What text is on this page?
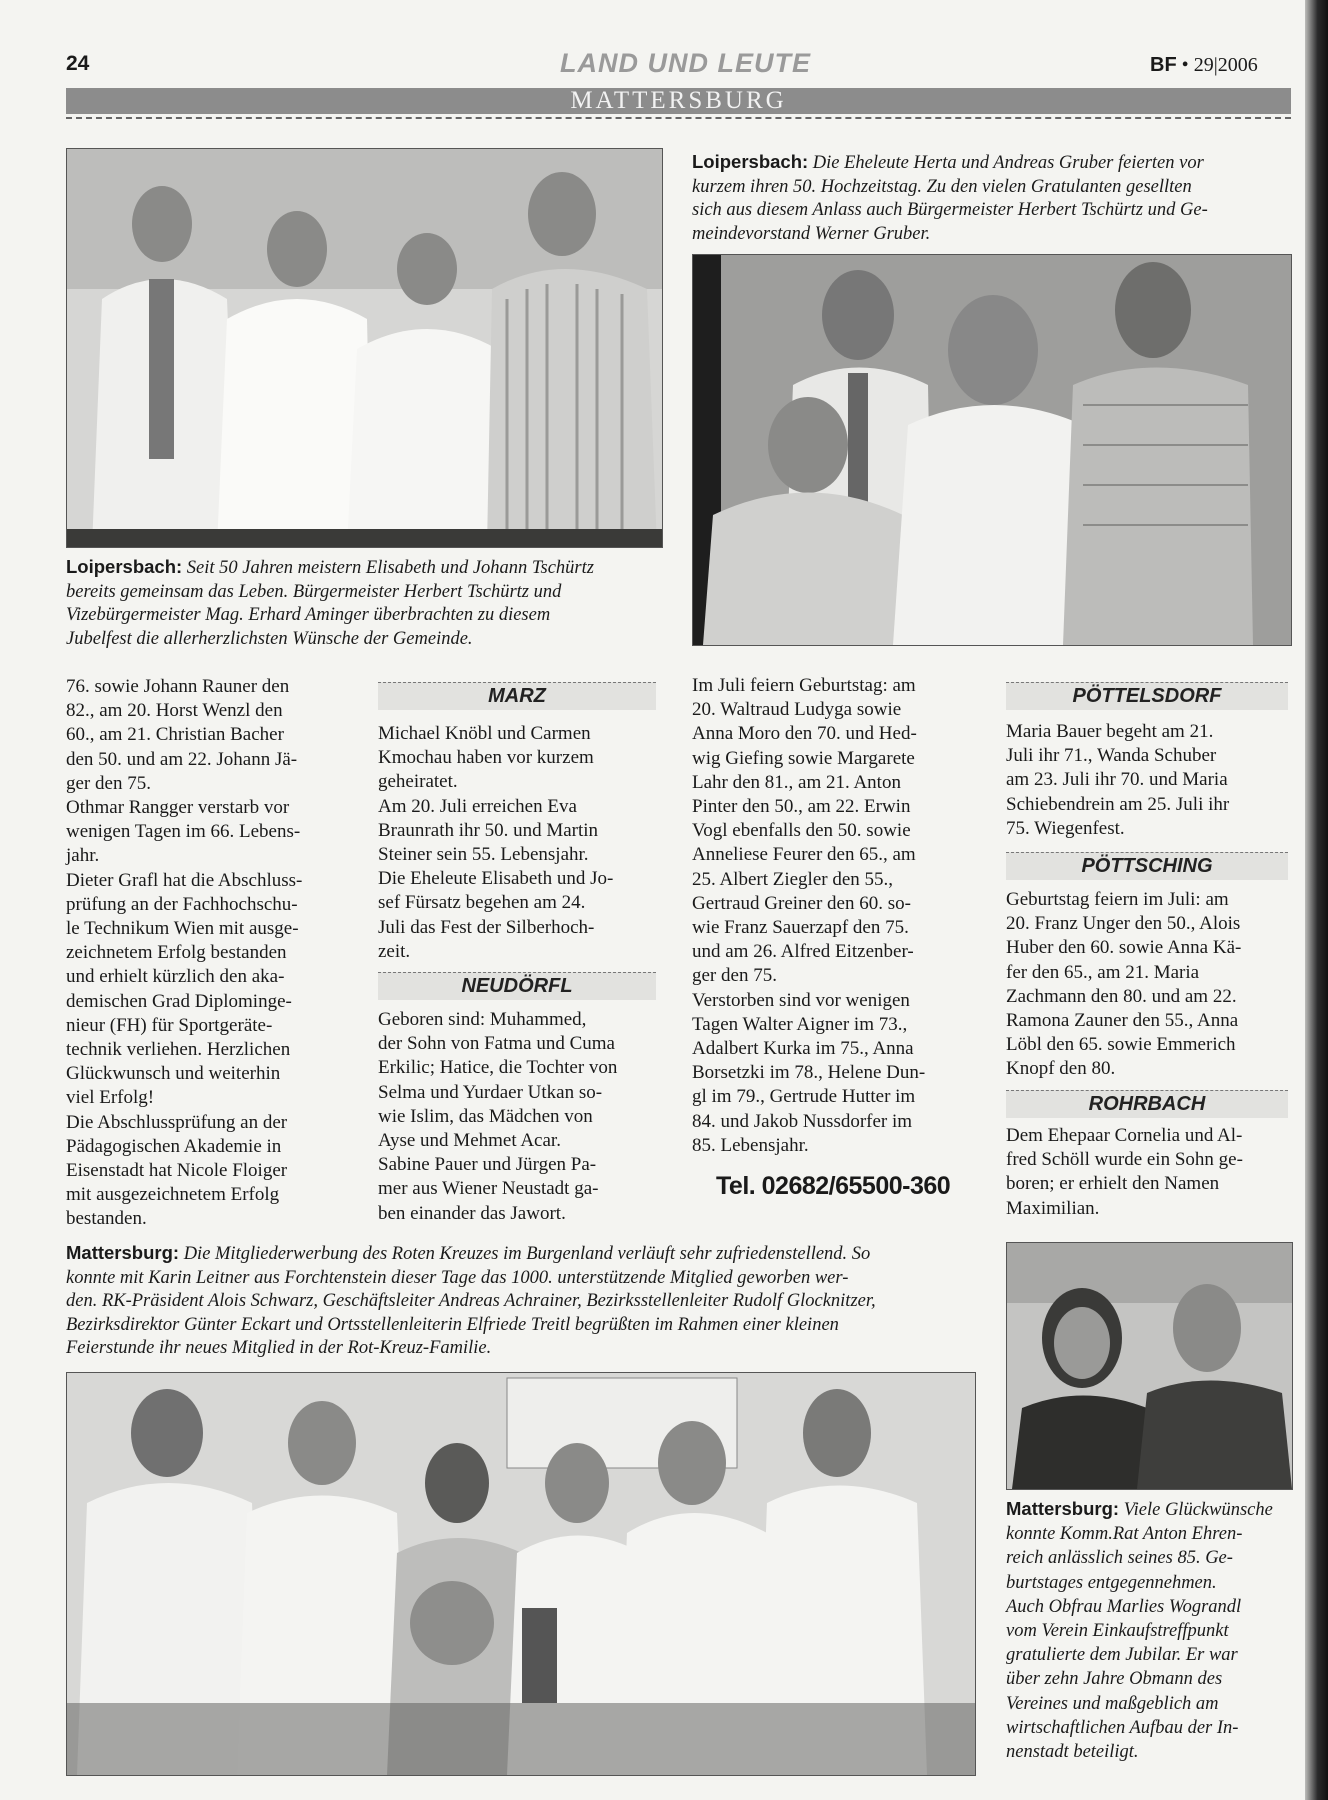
24	LAND UND LEUTE	BF • 29|2006
MATTERSBURG
Loipersbach: Seit 50 Jahren meistern Elisabeth und Johann Tschürtz
bereits gemeinsam das Leben. Bürgermeister Herbert Tschürtz und
Vizebürgermeister Mag. Erhard Aminger überbrachten zu diesem
Jubelfest die allerherzlichsten Wünsche der Gemeinde.
Loipersbach: Die Eheleute Herta und Andreas Gruber feierten vor
kurzem ihren 50. Hochzeitstag. Zu den vielen Gratulanten gesellten
sich aus diesem Anlass auch Bürgermeister Herbert Tschürtz und Ge-
meindevorstand Werner Gruber.

76. sowie Johann Rauner den

82., am 20. Horst Wenzl den

60., am 21. Christian Bacher

den 50. und am 22. Johann Jä-

ger den 75.

Othmar Rangger verstarb vor

wenigen Tagen im 66. Lebens-

jahr.

Dieter Grafl hat die Abschluss-

prüfung an der Fachhochschu-

le Technikum Wien mit ausge-

zeichnetem Erfolg bestanden

und erhielt kürzlich den aka-

demischen Grad Diplominge-

nieur (FH) für Sportgeräte-

technik verliehen. Herzlichen

Glückwunsch und weiterhin

viel Erfolg!

Die Abschlussprüfung an der

Pädagogischen Akademie in

Eisenstadt hat Nicole Floiger

mit ausgezeichnetem Erfolg

bestanden.

MARZ

Michael Knöbl und Carmen

Kmochau haben vor kurzem

geheiratet.

Am 20. Juli erreichen Eva

Braunrath ihr 50. und Martin

Steiner sein 55. Lebensjahr.

Die Eheleute Elisabeth und Jo-

sef Fürsatz begehen am 24.

Juli das Fest der Silberhoch-

zeit.

NEUDÖRFL

Geboren sind: Muhammed,

der Sohn von Fatma und Cuma

Erkilic; Hatice, die Tochter von

Selma und Yurdaer Utkan so-

wie Islim, das Mädchen von

Ayse und Mehmet Acar.

Sabine Pauer und Jürgen Pa-

mer aus Wiener Neustadt ga-

ben einander das Jawort.

Im Juli feiern Geburtstag: am

20. Waltraud Ludyga sowie

Anna Moro den 70. und Hed-

wig Giefing sowie Margarete

Lahr den 81., am 21. Anton

Pinter den 50., am 22. Erwin

Vogl ebenfalls den 50. sowie

Anneliese Feurer den 65., am

25. Albert Ziegler den 55.,

Gertraud Greiner den 60. so-

wie Franz Sauerzapf den 75.

und am 26. Alfred Eitzenber-

ger den 75.

Verstorben sind vor wenigen

Tagen Walter Aigner im 73.,

Adalbert Kurka im 75., Anna

Borsetzki im 78., Helene Dun-

gl im 79., Gertrude Hutter im

84. und Jakob Nussdorfer im

85. Lebensjahr.

Tel. 02682/65500-360
PÖTTELSDORF

Maria Bauer begeht am 21.

Juli ihr 71., Wanda Schuber

am 23. Juli ihr 70. und Maria

Schiebendrein am 25. Juli ihr

75. Wiegenfest.

PÖTTSCHING

Geburtstag feiern im Juli: am

20. Franz Unger den 50., Alois

Huber den 60. sowie Anna Kä-

fer den 65., am 21. Maria

Zachmann den 80. und am 22.

Ramona Zauner den 55., Anna

Löbl den 65. sowie Emmerich

Knopf den 80.

ROHRBACH

Dem Ehepaar Cornelia und Al-

fred Schöll wurde ein Sohn ge-

boren; er erhielt den Namen

Maximilian.

Mattersburg: Die Mitgliederwerbung des Roten Kreuzes im Burgenland verläuft sehr zufriedenstellend. So
konnte mit Karin Leitner aus Forchtenstein dieser Tage das 1000. unterstützende Mitglied geworben wer-
den. RK-Präsident Alois Schwarz, Geschäftsleiter Andreas Achrainer, Bezirksstellenleiter Rudolf Glocknitzer,
Bezirksdirektor Günter Eckart und Ortsstellenleiterin Elfriede Treitl begrüßten im Rahmen einer kleinen
Feierstunde ihr neues Mitglied in der Rot-Kreuz-Familie.
Mattersburg: Viele Glückwünsche
konnte Komm.Rat Anton Ehren-
reich anlässlich seines 85. Ge-
burtstages entgegennehmen.
Auch Obfrau Marlies Wograndl
vom Verein Einkaufstreffpunkt
gratulierte dem Jubilar. Er war
über zehn Jahre Obmann des
Vereines und maßgeblich am
wirtschaftlichen Aufbau der In-
nenstadt beteiligt.
